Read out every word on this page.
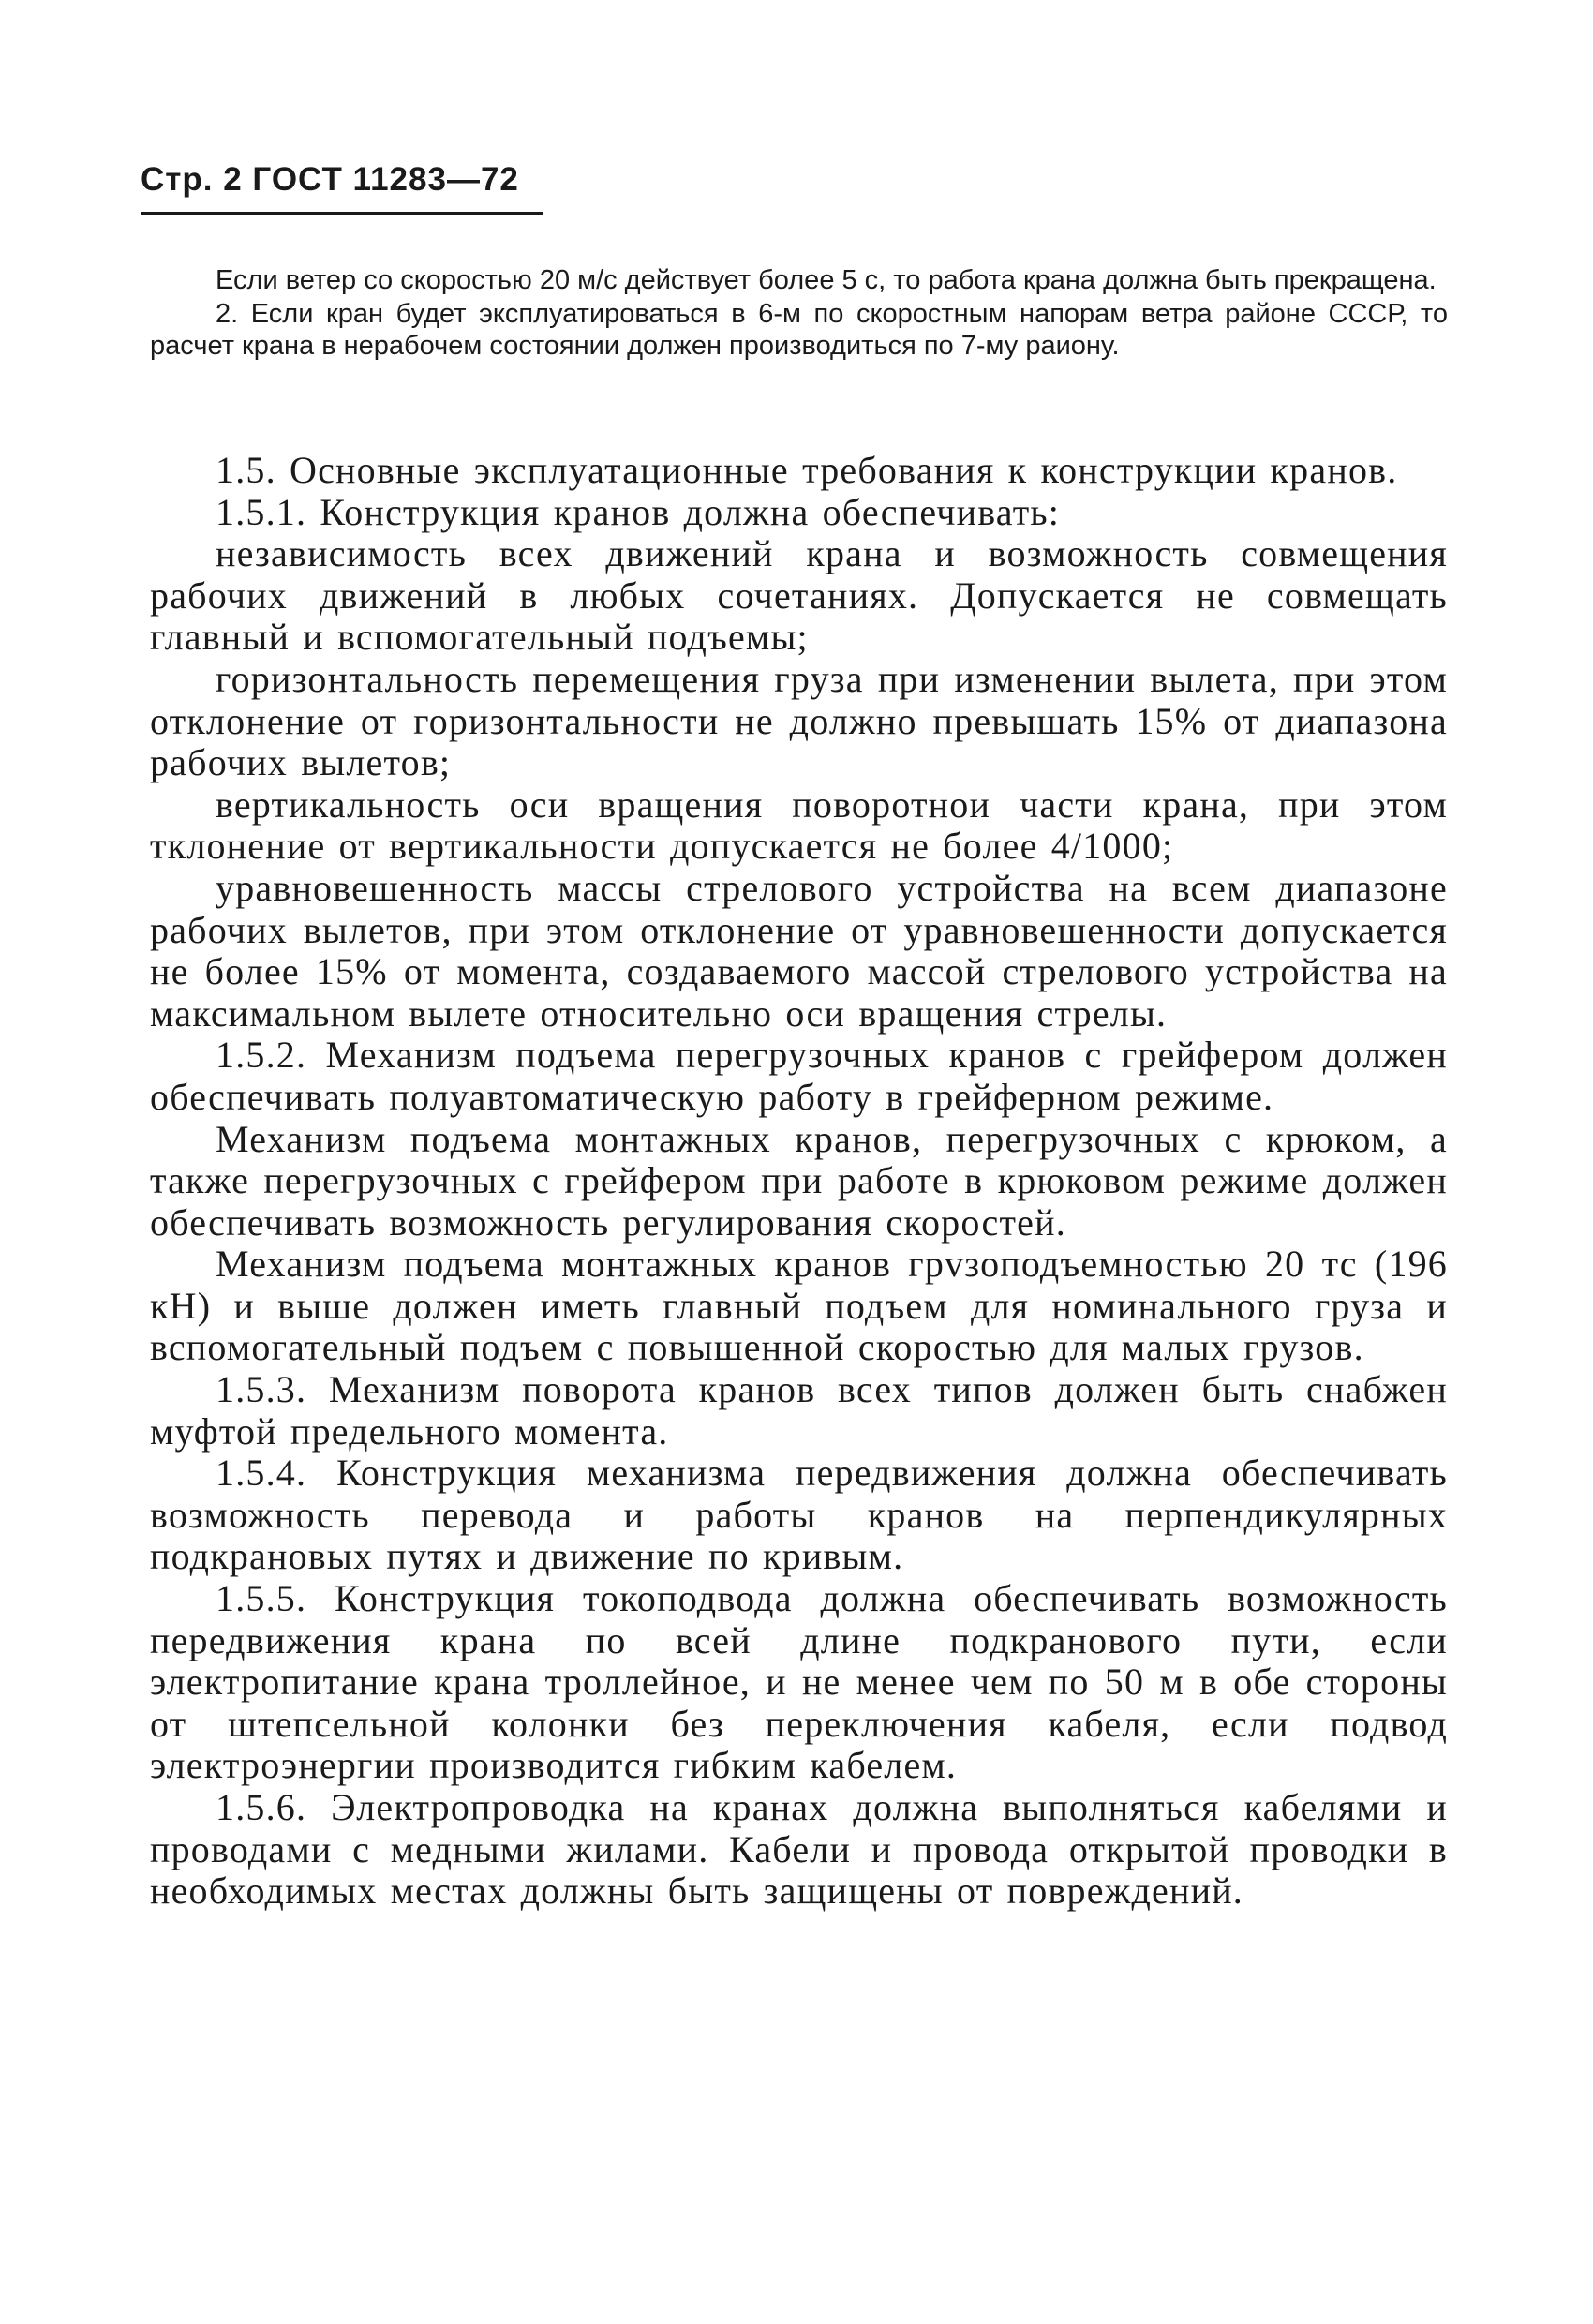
Стр. 2 ГОСТ 11283—72

Если ветер со скоростью 20 м/с действует более 5 с, то работа крана должна быть прекращена.

2. Если кран будет эксплуатироваться в 6-м по скоростным напорам ветра районе СССР, то расчет крана в нерабочем состоянии должен производиться по 7-му раиону.

1.5. Основные эксплуатационные требования к конструкции кранов.

1.5.1. Конструкция кранов должна обеспечивать:

независимость всех движений крана и возможность совмещения рабочих движений в любых сочетаниях. Допускается не совмещать главный и вспомогательный подъемы;

горизонтальность перемещения груза при изменении вылета, при этом отклонение от горизонтальности не должно превышать 15% от диапазона рабочих вылетов;

вертикальность оси вращения поворотнои части крана, при этом тклонение от вертикальности допускается не более 4/1000;

уравновешенность массы стрелового устройства на всем диапазоне рабочих вылетов, при этом отклонение от уравновешенности допускается не более 15% от момента, создаваемого массой стрелового устройства на максимальном вылете относительно оси вращения стрелы.

1.5.2. Механизм подъема перегрузочных кранов с грейфером должен обеспечивать полуавтоматическую работу в грейферном режиме.

Механизм подъема монтажных кранов, перегрузочных с крюком, а также перегрузочных с грейфером при работе в крюковом режиме должен обеспечивать возможность регулирования скоростей.

Механизм подъема монтажных кранов грvзоподъемностью 20 тс (196 кН) и выше должен иметь главный подъем для номинального груза и вспомогательный подъем с повышенной скоростью для малых грузов.

1.5.3. Механизм поворота кранов всех типов должен быть снабжен муфтой предельного момента.

1.5.4. Конструкция механизма передвижения должна обеспечивать возможность перевода и работы кранов на перпендикулярных подкрановых путях и движение по кривым.

1.5.5. Конструкция токоподвода должна обеспечивать возможность передвижения крана по всей длине подкранового пути, если электропитание крана троллейное, и не менее чем по 50 м в обе стороны от штепсельной колонки без переключения кабеля, если подвод электроэнергии производится гибким кабелем.

1.5.6. Электропроводка на кранах должна выполняться кабелями и проводами с медными жилами. Кабели и провода открытой проводки в необходимых местах должны быть защищены от повреждений.
